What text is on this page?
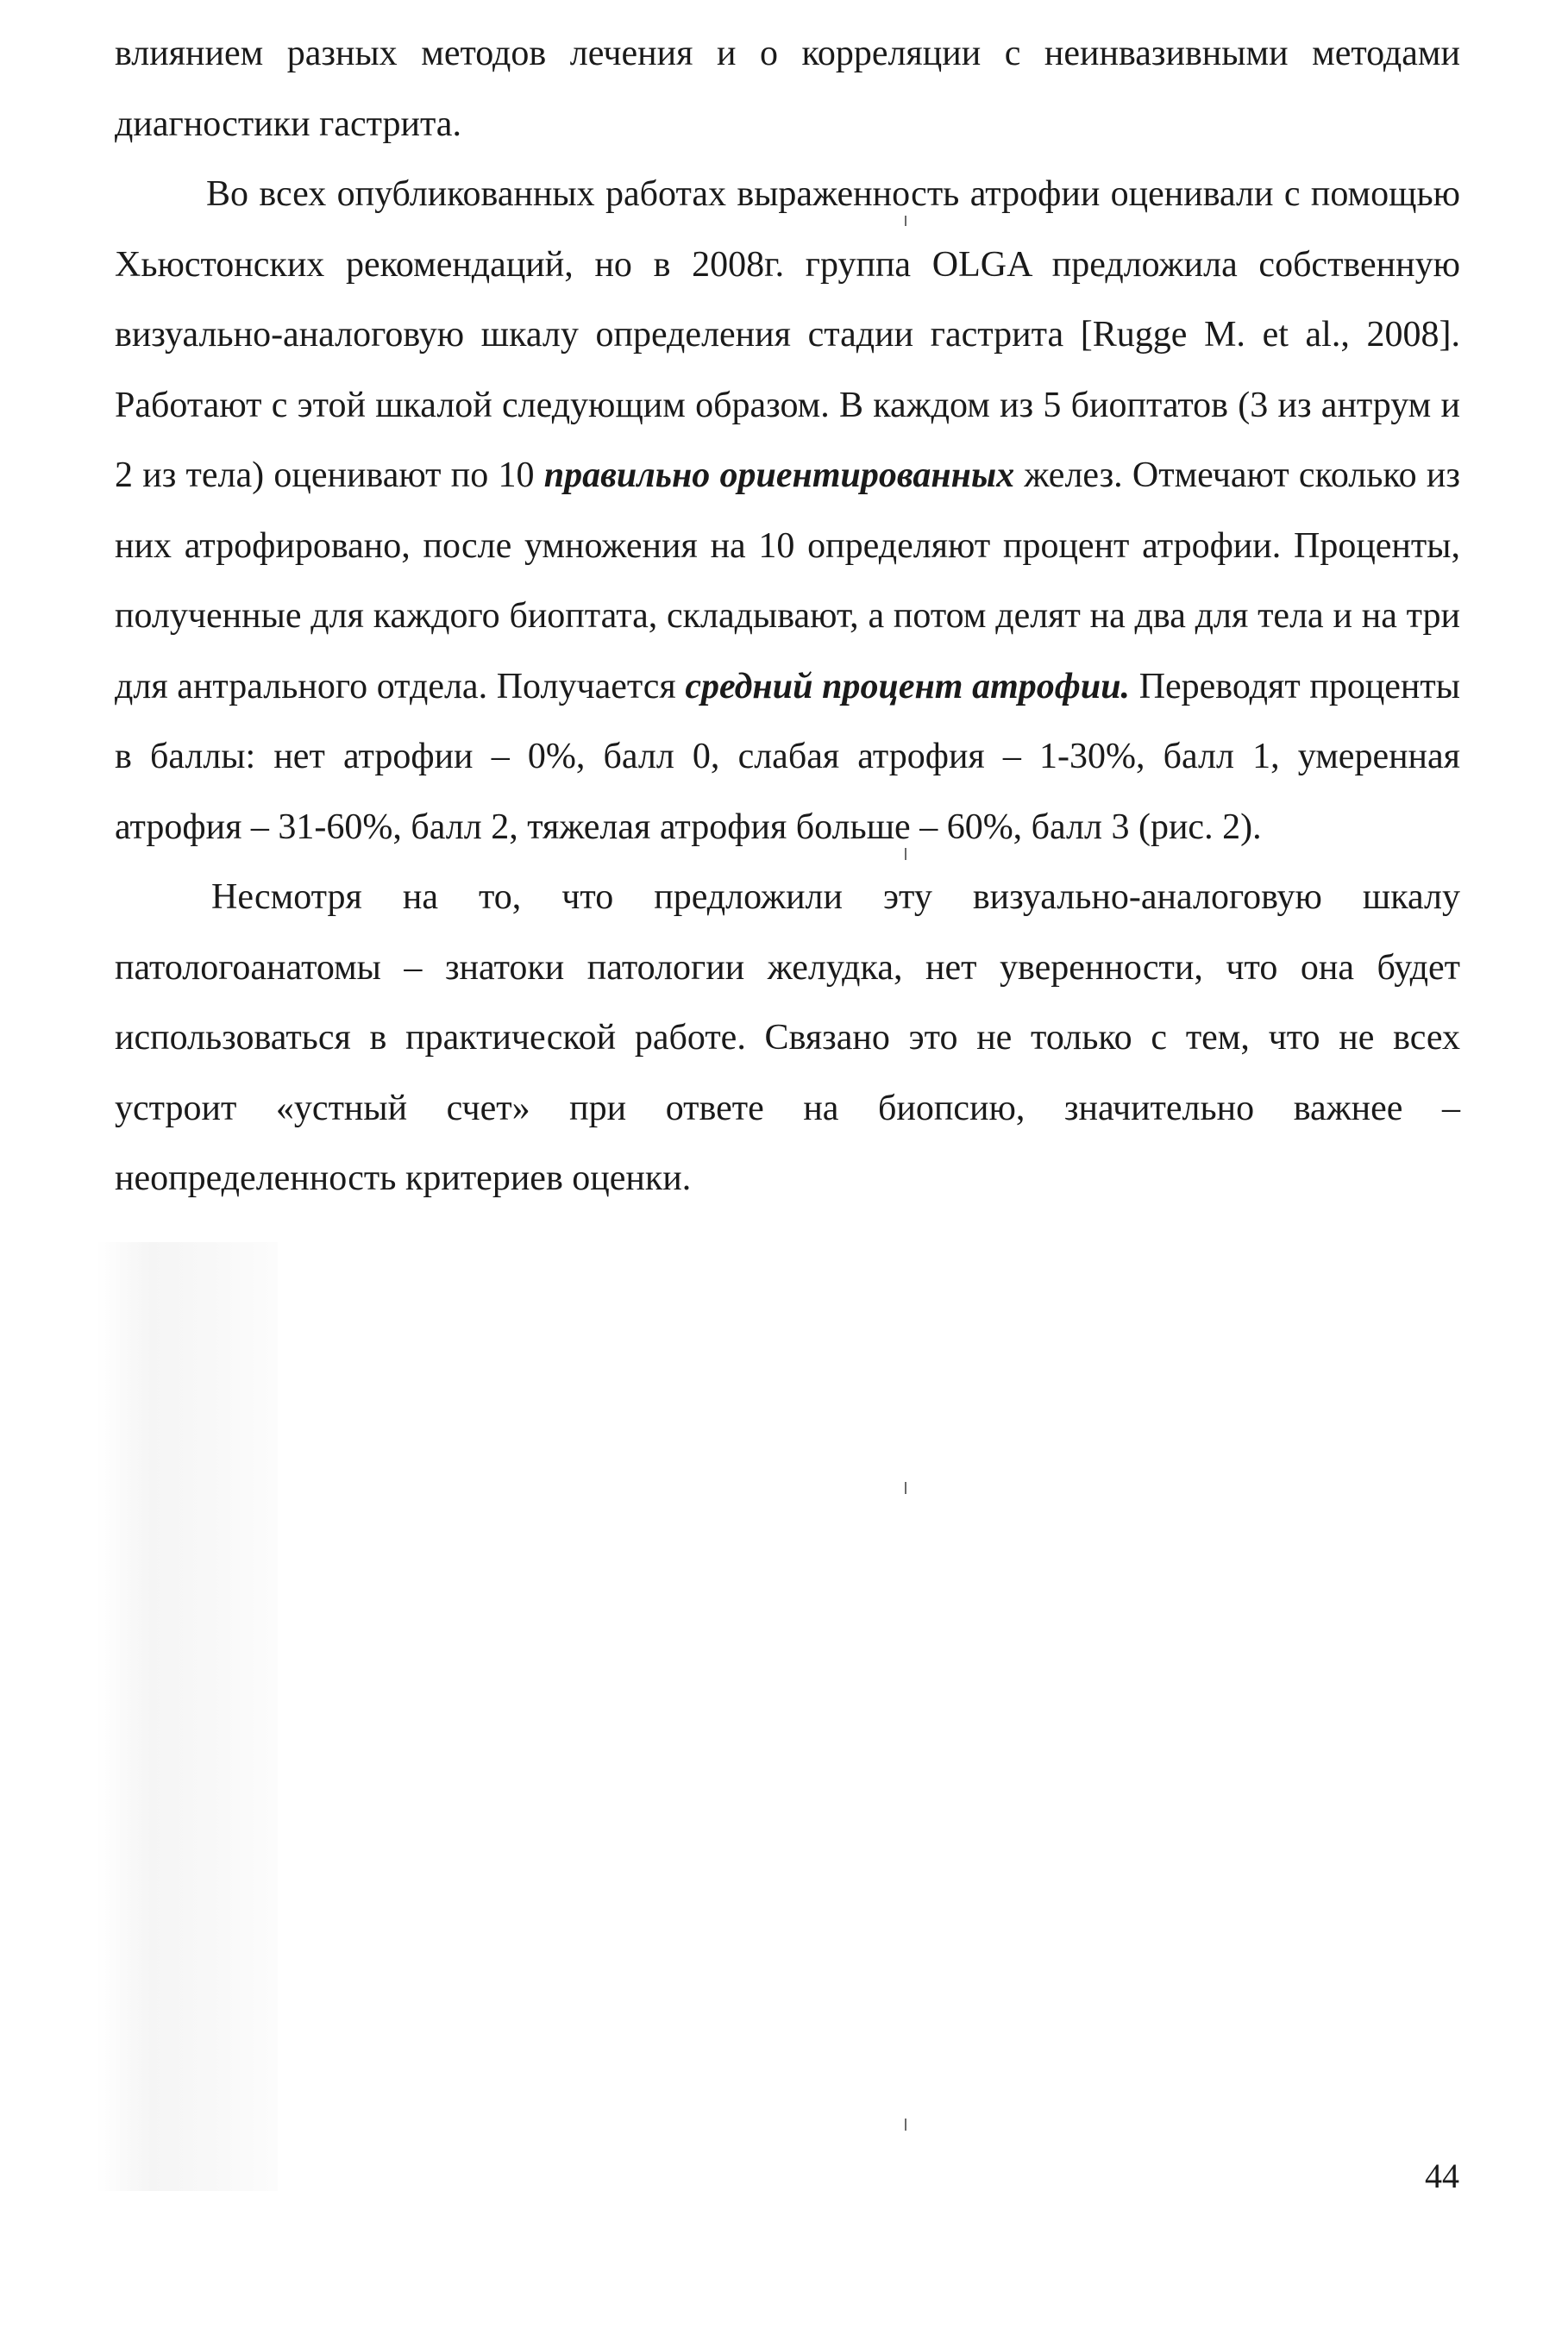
влиянием разных методов лечения и о корреляции с неинвазивными методами диагностики гастрита.

Во всех опубликованных работах выраженность атрофии оценивали с помощью Хьюстонских рекомендаций, но в 2008г. группа OLGA предложила собственную визуально-аналоговую шкалу определения стадии гастрита [Rugge M. et al., 2008]. Работают с этой шкалой следующим образом. В каждом из 5 биоптатов (3 из антрум и 2 из тела) оценивают по 10 правильно ориентированных желез. Отмечают сколько из них атрофировано, после умножения на 10 определяют процент атрофии. Проценты, полученные для каждого биоптата, складывают, а потом делят на два для тела и на три для антрального отдела. Получается средний процент атрофии. Переводят проценты в баллы: нет атрофии – 0%, балл 0, слабая атрофия – 1-30%, балл 1, умеренная атрофия – 31-60%, балл 2, тяжелая атрофия больше – 60%, балл 3 (рис. 2).

Несмотря на то, что предложили эту визуально-аналоговую шкалу патологоанатомы – знатоки патологии желудка, нет уверенности, что она будет использоваться в практической работе. Связано это не только с тем, что не всех устроит «устный счет» при ответе на биопсию, значительно важнее – неопределенность критериев оценки.

44
